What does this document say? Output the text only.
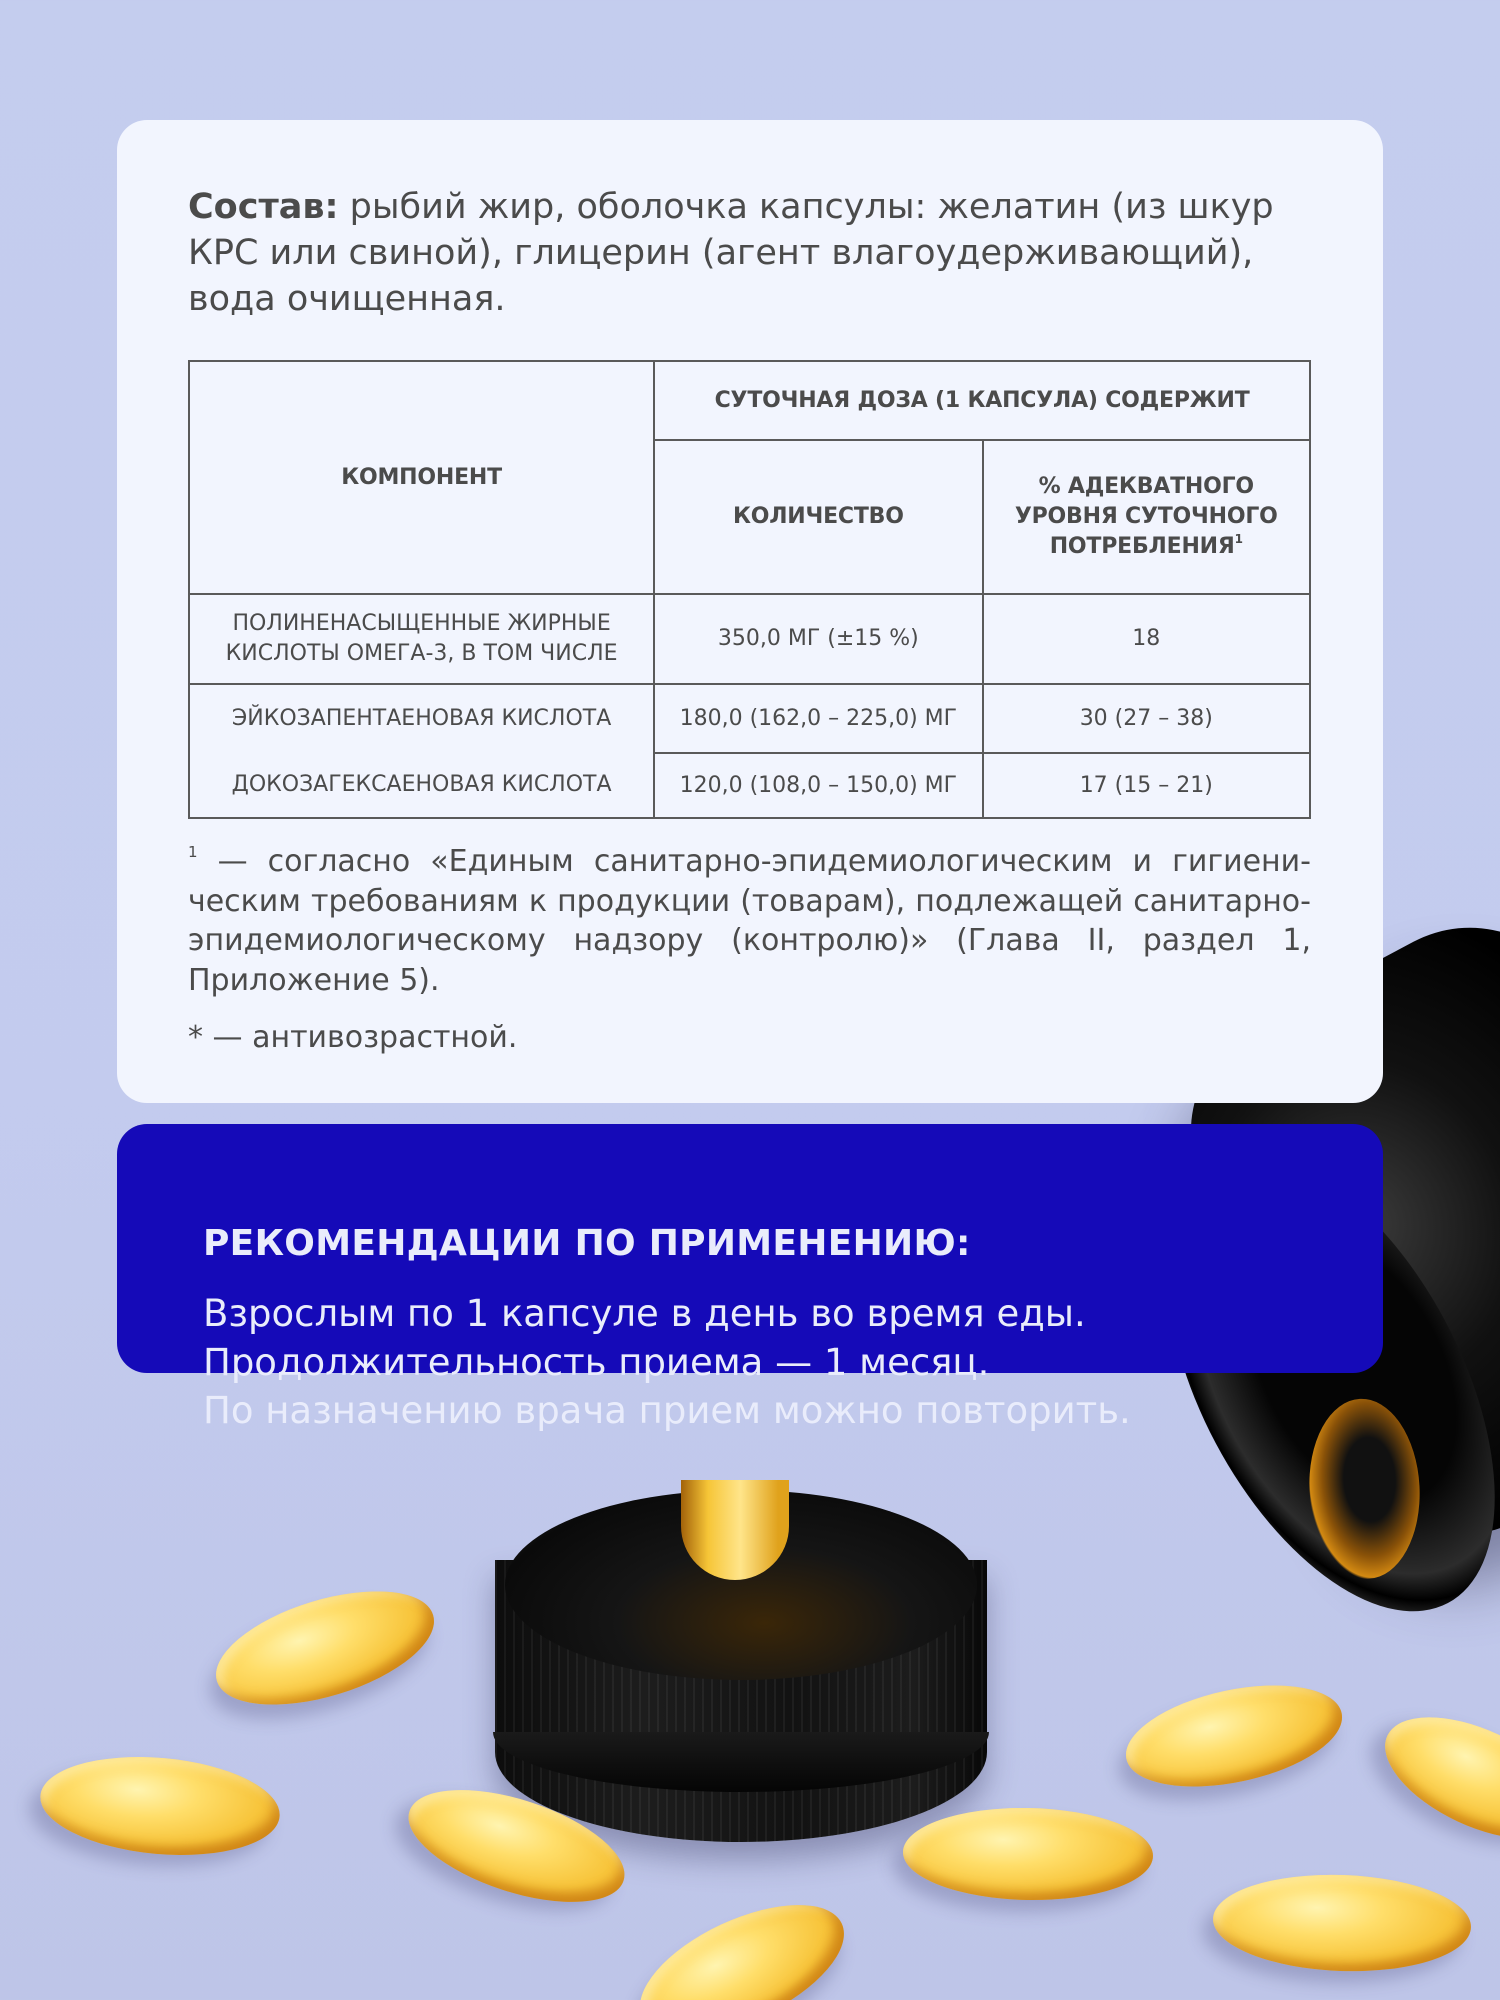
Состав: рыбий жир, оболочка капсулы: желатин (из шкур КРС или свиной), глицерин (агент влагоудерживающий), вода очищенная.

КОМПОНЕНТ	СУТОЧНАЯ ДОЗА (1 КАПСУЛА) СОДЕРЖИТ	
	КОЛИЧЕСТВО	% АДЕКВАТНОГО УРОВНЯ СУТОЧНОГО ПОТРЕБЛЕНИЯ$^1$
ПОЛИНЕНАСЫЩЕННЫЕ ЖИРНЫЕ КИСЛОТЫ ОМЕГА-3, В ТОМ ЧИСЛЕ	350,0 МГ (±15 %)	18
ЭЙКОЗАПЕНТАЕНОВАЯ КИСЛОТА	180,0 (162,0 – 225,0) МГ	30 (27 – 38)
ДОКОЗАГЕКСАЕНОВАЯ КИСЛОТА	120,0 (108,0 – 150,0) МГ	17 (15 – 21)

$^1$ — согласно «Единым санитарно-эпидемиологическим и гигиеническим требованиям к продукции (товарам), подлежащей санитарно-эпидемиологическому надзору (контролю)» (Глава II, раздел 1, Приложение 5).

* — антивозрастной.

РЕКОМЕНДАЦИИ ПО ПРИМЕНЕНИЮ:
Взрослым по 1 капсуле в день во время еды.
Продолжительность приема — 1 месяц.
По назначению врача прием можно повторить.
